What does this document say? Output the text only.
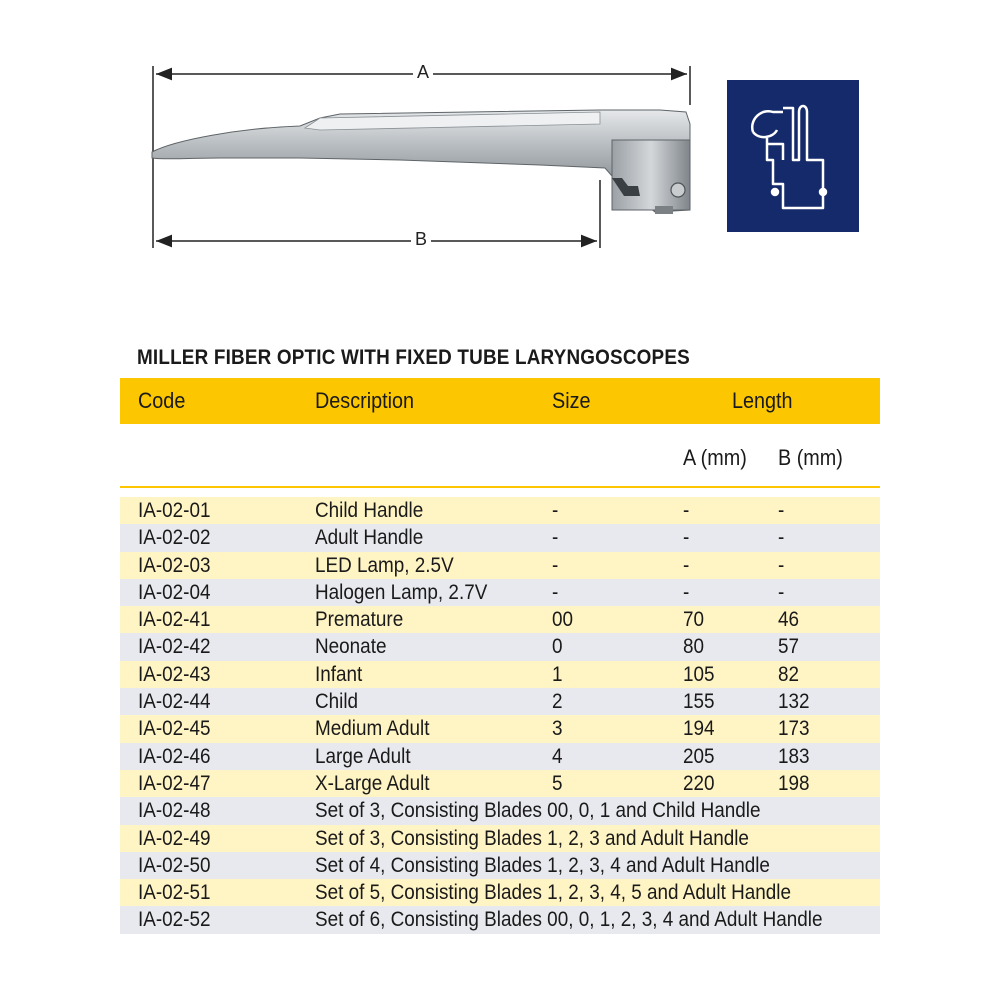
A
B
MILLER FIBER OPTIC WITH FIXED TUBE LARYNGOSCOPES
Code	Description	Size	Length
A (mm) B (mm)
IA-02-01	Child Handle	-	-	-
IA-02-02	Adult Handle	-	-	-
IA-02-03	LED Lamp, 2.5V	-	-	-
IA-02-04	Halogen Lamp, 2.7V	-	-	-
IA-02-41	Premature	00	70	46
IA-02-42	Neonate	0	80	57
IA-02-43	Infant	1	105	82
IA-02-44	Child	2	155	132
IA-02-45	Medium Adult	3	194	173
IA-02-46	Large Adult	4	205	183
IA-02-47	X-Large Adult	5	220	198
IA-02-48	Set of 3, Consisting Blades 00, 0, 1 and Child Handle
IA-02-49	Set of 3, Consisting Blades 1, 2, 3 and Adult Handle
IA-02-50	Set of 4, Consisting Blades 1, 2, 3, 4 and Adult Handle
IA-02-51	Set of 5, Consisting Blades 1, 2, 3, 4, 5 and Adult Handle
IA-02-52	Set of 6, Consisting Blades 00, 0, 1, 2, 3, 4 and Adult Handle
